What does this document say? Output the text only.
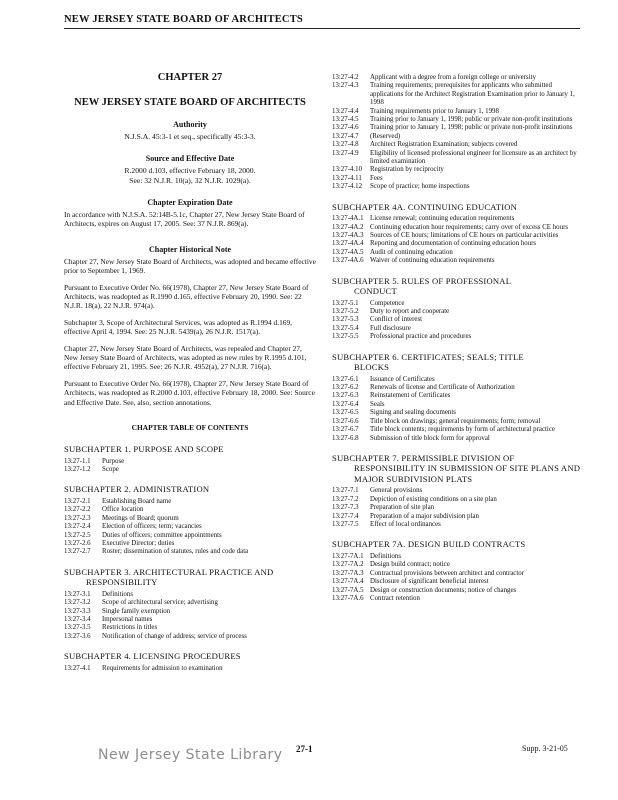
NEW JERSEY STATE BOARD OF ARCHITECTS
CHAPTER 27
NEW JERSEY STATE BOARD OF ARCHITECTS
Authority
N.J.S.A. 45:3-1 et seq., specifically 45:3-3.
Source and Effective Date
R.2000 d.103, effective February 18, 2000.
See: 32 N.J.R. 10(a), 32 N.J.R. 1029(a).
Chapter Expiration Date

In accordance with N.J.S.A. 52:14B-5.1c, Chapter 27, New Jersey State Board of Architects, expires on August 17, 2005. See: 37 N.J.R. 869(a).

Chapter Historical Note

Chapter 27, New Jersey State Board of Architects, was adopted and became effective prior to September 1, 1969.

Pursuant to Executive Order No. 66(1978), Chapter 27, New Jersey State Board of Architects, was readopted as R.1990 d.165, effective February 20, 1990. See: 22 N.J.R. 18(a), 22 N.J.R. 974(a).

Subchapter 3, Scope of Architectural Services, was adopted as R.1994 d.169, effective April 4, 1994. See: 25 N.J.R. 5439(a), 26 N.J.R. 1517(a).

Chapter 27, New Jersey State Board of Architects, was repealed and Chapter 27, New Jersey State Board of Architects, was adopted as new rules by R.1995 d.101, effective February 21, 1995. See: 26 N.J.R. 4952(a), 27 N.J.R. 716(a).

Pursuant to Executive Order No. 66(1978), Chapter 27, New Jersey State Board of Architects, was readopted as R.2000 d.103, effective February 18, 2000. See: Source and Effective Date. See, also, section annotations.

CHAPTER TABLE OF CONTENTS
SUBCHAPTER 1. PURPOSE AND SCOPE
13:27-1.1	Purpose
13:27-1.2	Scope
SUBCHAPTER 2. ADMINISTRATION
13:27-2.1	Establishing Board name
13:27-2.2	Office location
13:27-2.3	Meetings of Board; quorum
13:27-2.4	Election of officers; term; vacancies
13:27-2.5	Duties of officers; committee appointments
13:27-2.6	Executive Director; duties
13:27-2.7	Roster; dissemination of statutes, rules and code data
SUBCHAPTER 3. ARCHITECTURAL PRACTICE AND
RESPONSIBILITY
13:27-3.1	Definitions
13:27-3.2	Scope of architectural service; advertising
13:27-3.3	Single family exemption
13:27-3.4	Impersonal names
13:27-3.5	Restrictions in titles
13:27-3.6	Notification of change of address; service of process
SUBCHAPTER 4. LICENSING PROCEDURES
13:27-4.1	Requirements for admission to examination
13:27-4.2	Applicant with a degree from a foreign college or university
13:27-4.3	Training requirements; prerequisites for applicants who submitted applications for the Architect Registration Examination prior to January 1, 1998
13:27-4.4	Training requirements prior to January 1, 1998
13:27-4.5	Training prior to January 1, 1998; public or private non-profit institutions
13:27-4.6	Training prior to January 1, 1998; public or private non-profit institutions
13:27-4.7	(Reserved)
13:27-4.8	Architect Registration Examination; subjects covered
13:27-4.9	Eligibility of licensed professional engineer for licensure as an architect by limited examination
13:27-4.10	Registration by reciprocity
13:27-4.11	Fees
13:27-4.12	Scope of practice; home inspections
SUBCHAPTER 4A. CONTINUING EDUCATION
13:27-4A.1 License renewal; continuing education requirements
13:27-4A.2 Continuing education hour requirements; carry over of excess CE hours
13:27-4A.3 Sources of CE hours; limitations of CE hours on particular activities
13:27-4A.4 Reporting and documentation of continuing education hours
13:27-4A.5 Audit of continuing education
13:27-4A.6 Waiver of continuing education requirements
SUBCHAPTER 5. RULES OF PROFESSIONAL
CONDUCT
13:27-5.1	Competence
13:27-5.2	Duty to report and cooperate
13:27-5.3	Conflict of interest
13:27-5.4	Full disclosure
13:27-5.5	Professional practice and procedures
SUBCHAPTER 6. CERTIFICATES; SEALS; TITLE
BLOCKS
13:27-6.1	Issuance of Certificates
13:27-6.2	Renewals of license and Certificate of Authorization
13:27-6.3	Reinstatement of Certificates
13:27-6.4	Seals
13:27-6.5	Signing and sealing documents
13:27-6.6	Title block on drawings; general requirements; form; removal
13:27-6.7	Title block contents; requirements by form of architectural practice
13:27-6.8	Submission of title block form for approval
SUBCHAPTER 7. PERMISSIBLE DIVISION OF
RESPONSIBILITY IN SUBMISSION OF SITE PLANS AND MAJOR SUBDIVISION PLATS
13:27-7.1	General provisions
13:27-7.2	Depiction of existing conditions on a site plan
13:27-7.3	Preparation of site plan
13:27-7.4	Preparation of a major subdivision plan
13:27-7.5	Effect of local ordinances
SUBCHAPTER 7A. DESIGN BUILD CONTRACTS
13:27-7A.1 Definitions
13:27-7A.2 Design build contract; notice
13:27-7A.3 Contractual provisions between architect and contractor
13:27-7A.4 Disclosure of significant beneficial interest
13:27-7A.5 Design or construction documents; notice of changes
13:27-7A.6 Contract retention
New Jersey State Library 27-1	Supp. 3-21-05
